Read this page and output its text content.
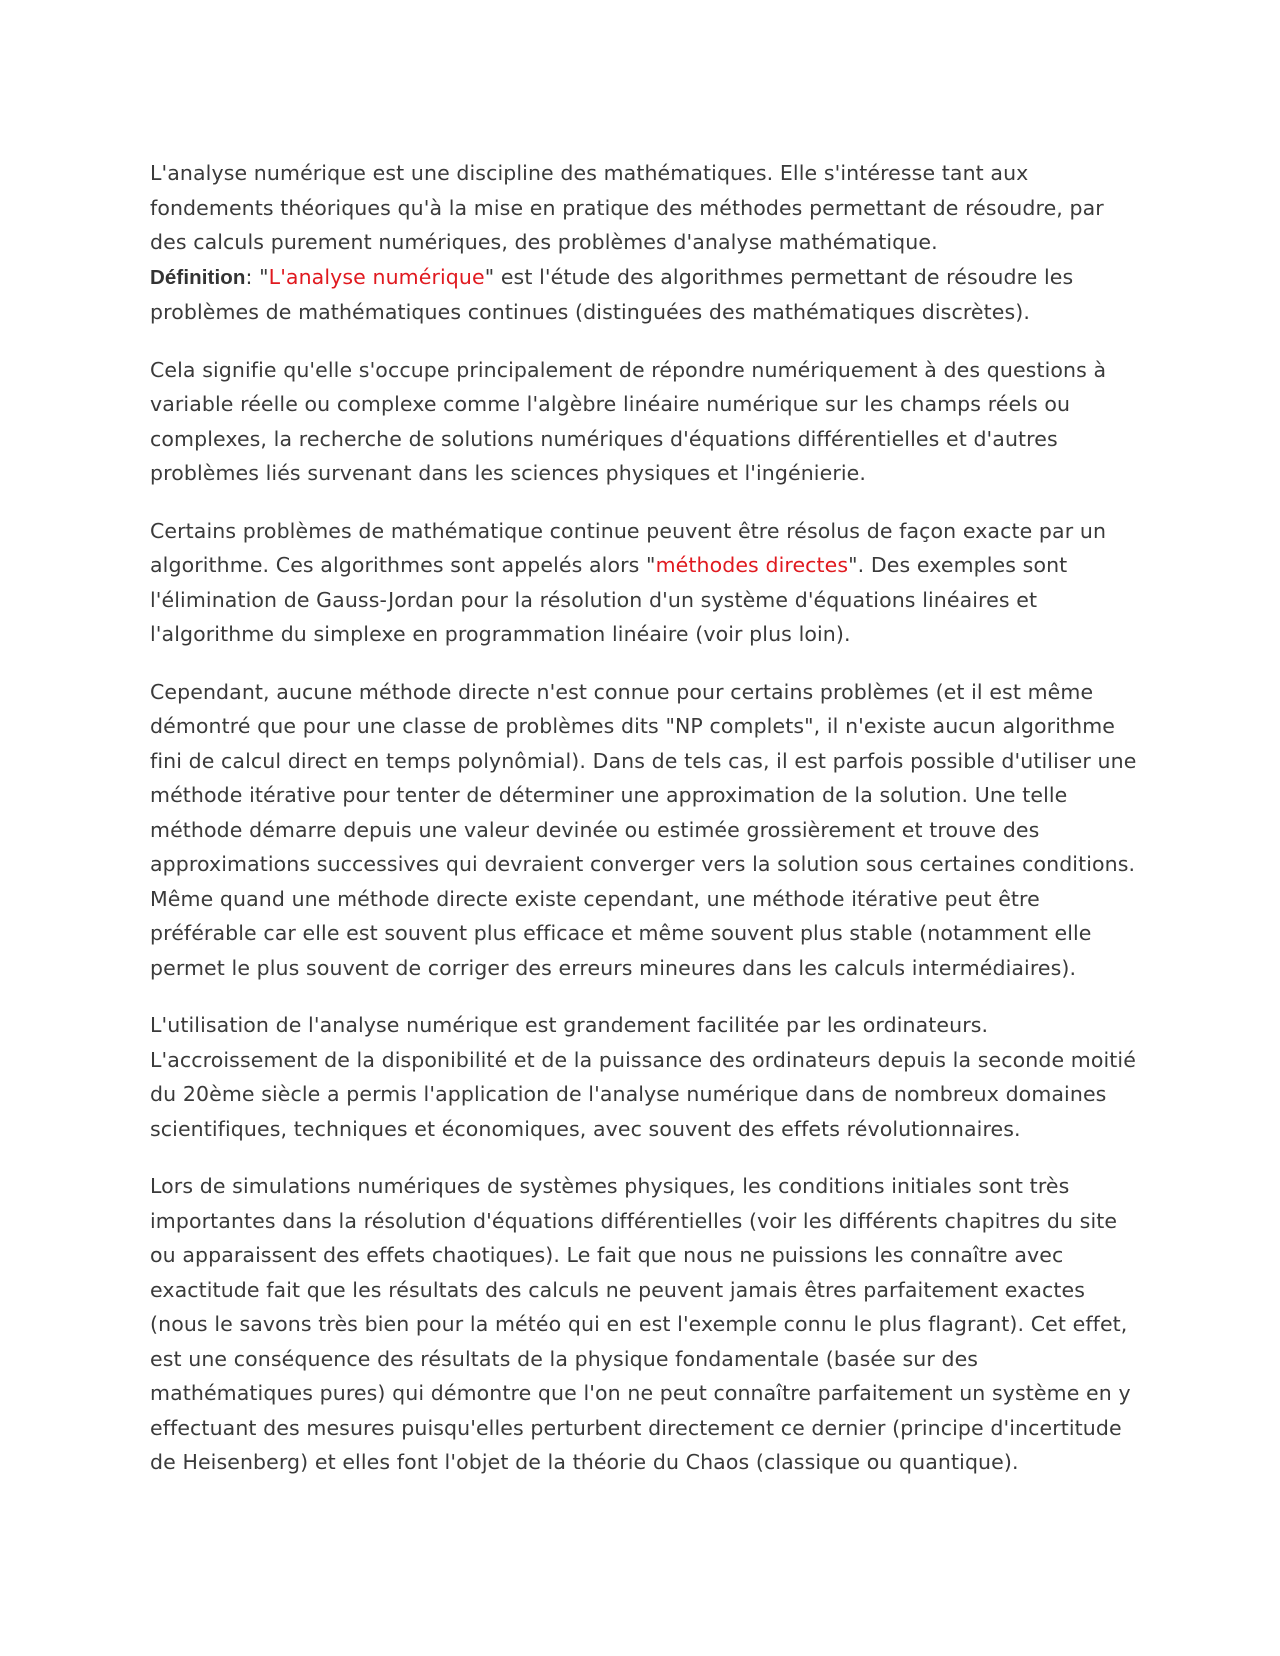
L'analyse numérique est une discipline des mathématiques. Elle s'intéresse tant aux fondements théoriques qu'à la mise en pratique des méthodes permettant de résoudre, par des calculs purement numériques, des problèmes d'analyse mathématique.
Définition: "L'analyse numérique" est l'étude des algorithmes permettant de résoudre les problèmes de mathématiques continues (distinguées des mathématiques discrètes).

Cela signifie qu'elle s'occupe principalement de répondre numériquement à des questions à variable réelle ou complexe comme l'algèbre linéaire numérique sur les champs réels ou complexes, la recherche de solutions numériques d'équations différentielles et d'autres problèmes liés survenant dans les sciences physiques et l'ingénierie.

Certains problèmes de mathématique continue peuvent être résolus de façon exacte par un algorithme. Ces algorithmes sont appelés alors "méthodes directes". Des exemples sont l'élimination de Gauss-Jordan pour la résolution d'un système d'équations linéaires et l'algorithme du simplexe en programmation linéaire (voir plus loin).

Cependant, aucune méthode directe n'est connue pour certains problèmes (et il est même démontré que pour une classe de problèmes dits "NP complets", il n'existe aucun algorithme fini de calcul direct en temps polynômial). Dans de tels cas, il est parfois possible d'utiliser une méthode itérative pour tenter de déterminer une approximation de la solution. Une telle méthode démarre depuis une valeur devinée ou estimée grossièrement et trouve des approximations successives qui devraient converger vers la solution sous certaines conditions. Même quand une méthode directe existe cependant, une méthode itérative peut être préférable car elle est souvent plus efficace et même souvent plus stable (notamment elle permet le plus souvent de corriger des erreurs mineures dans les calculs intermédiaires).

L'utilisation de l'analyse numérique est grandement facilitée par les ordinateurs. L'accroissement de la disponibilité et de la puissance des ordinateurs depuis la seconde moitié du 20ème siècle a permis l'application de l'analyse numérique dans de nombreux domaines scientifiques, techniques et économiques, avec souvent des effets révolutionnaires.

Lors de simulations numériques de systèmes physiques, les conditions initiales sont très importantes dans la résolution d'équations différentielles (voir les différents chapitres du site ou apparaissent des effets chaotiques). Le fait que nous ne puissions les connaître avec exactitude fait que les résultats des calculs ne peuvent jamais êtres parfaitement exactes (nous le savons très bien pour la météo qui en est l'exemple connu le plus flagrant). Cet effet, est une conséquence des résultats de la physique fondamentale (basée sur des mathématiques pures) qui démontre que l'on ne peut connaître parfaitement un système en y effectuant des mesures puisqu'elles perturbent directement ce dernier (principe d'incertitude de Heisenberg) et elles font l'objet de la théorie du Chaos (classique ou quantique).
